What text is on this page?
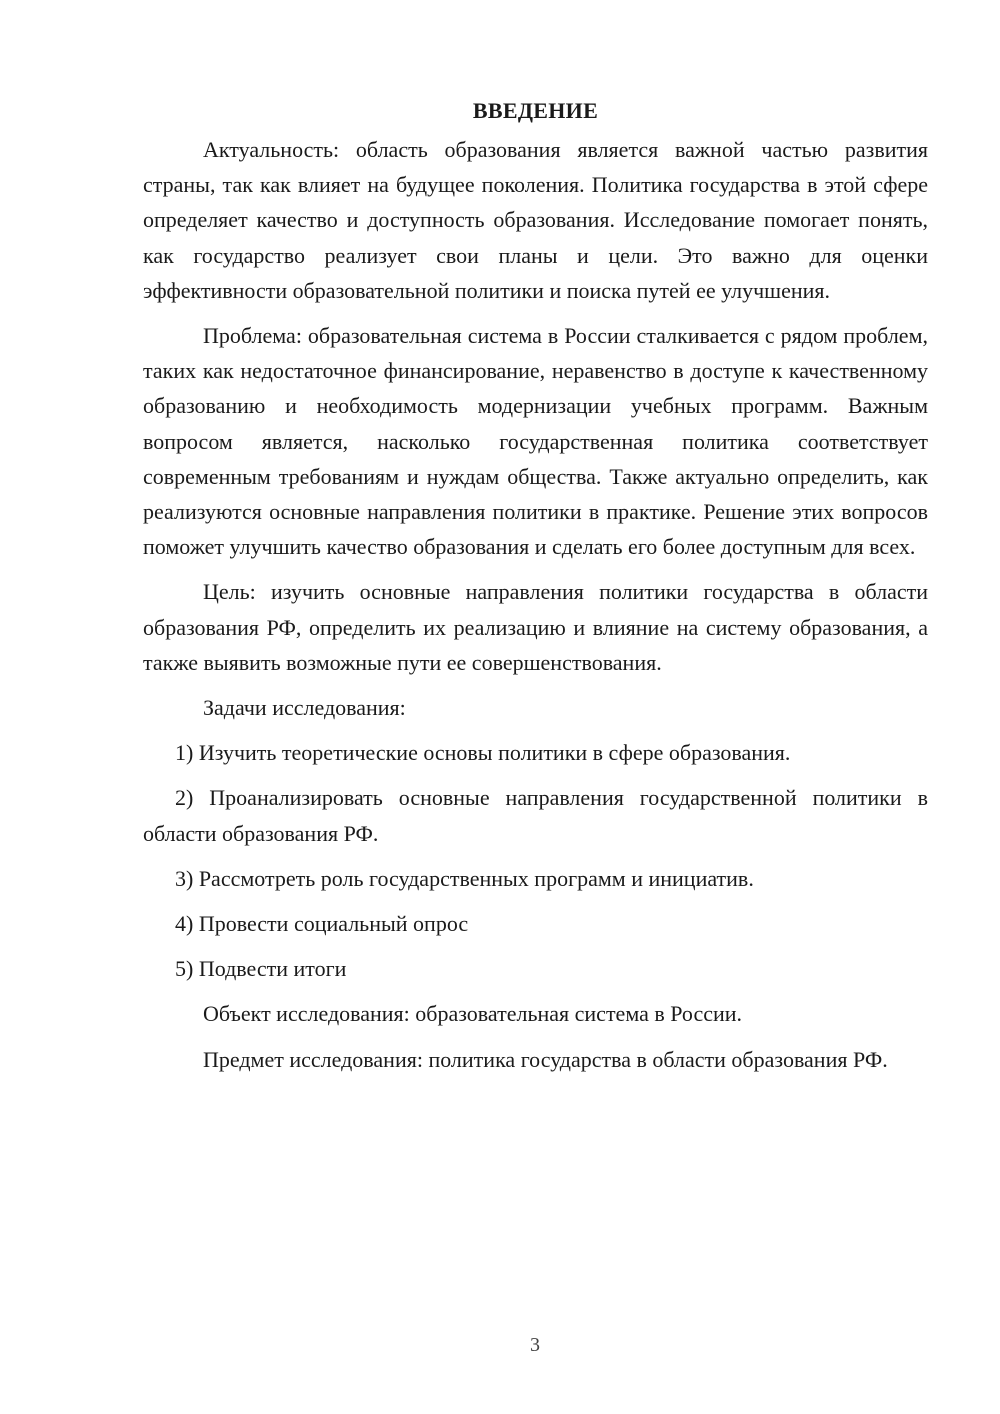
ВВЕДЕНИЕ

Актуальность: область образования является важной частью развития страны, так как влияет на будущее поколения. Политика государства в этой сфере определяет качество и доступность образования. Исследование помогает понять, как государство реализует свои планы и цели. Это важно для оценки эффективности образовательной политики и поиска путей ее улучшения.

Проблема: образовательная система в России сталкивается с рядом проблем, таких как недостаточное финансирование, неравенство в доступе к качественному образованию и необходимость модернизации учебных программ. Важным вопросом является, насколько государственная политика соответствует современным требованиям и нуждам общества. Также актуально определить, как реализуются основные направления политики в практике. Решение этих вопросов поможет улучшить качество образования и сделать его более доступным для всех.

Цель: изучить основные направления политики государства в области образования РФ, определить их реализацию и влияние на систему образования, а также выявить возможные пути ее совершенствования.

Задачи исследования:

1) Изучить теоретические основы политики в сфере образования.

2) Проанализировать основные направления государственной политики в области образования РФ.

3) Рассмотреть роль государственных программ и инициатив.

4) Провести социальный опрос

5) Подвести итоги

Объект исследования: образовательная система в России.

Предмет исследования: политика государства в области образования РФ.

3
